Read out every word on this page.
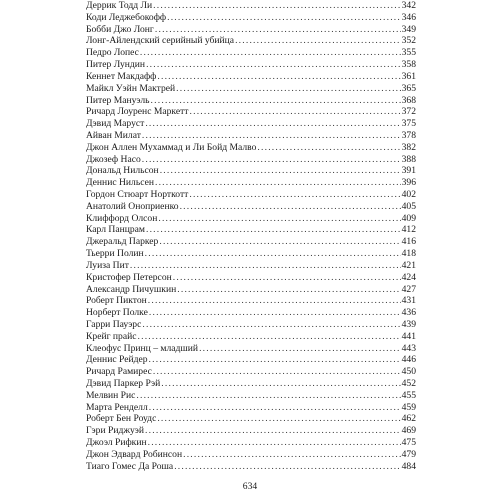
Деррик Тодд Ли .....	342
Коди Леджебокофф .....	346
Бобби Джо Лонг .....	349
Лонг-Айлендский серийный убийца .....	352
Педро Лопес .....	355
Питер Лундин .....	358
Кеннет Макдафф .....	361
Майкл Уэйн Мактрей .....	365
Питер Мануэль .....	368
Ричард Лоуренс Маркетт .....	372
Дэвид Маруст .....	375
Айван Милат .....	378
Джон Аллен Мухаммад и Ли Бойд Малво .....	382
Джозеф Насо .....	388
Дональд Нильсон .....	391
Деннис Нильсен .....	396
Гордон Стюарт Норткотт .....	402
Анатолий Оноприенко .....	405
Клиффорд Олсон .....	409
Карл Панцрам .....	412
Джеральд Паркер .....	416
Тьерри Полин .....	418
Луиза Пит .....	421
Кристофер Петерсон .....	424
Александр Пичушкин .....	427
Роберт Пиктон .....	431
Норберт Полке .....	436
Гарри Пауэрс .....	439
Крейг прайс .....	441
Клеофус Принц – младший .....	443
Деннис Рейдер .....	446
Ричард Рамирес .....	450
Дэвид Паркер Рэй .....	452
Мелвин Рис .....	455
Марта Ренделл .....	459
Роберт Бен Роудс .....	462
Гэри Риджуэй .....	469
Джоэл Рифкин .....	475
Джон Эдвард Робинсон .....	479
Тиаго Гомес Да Роша .....	484
634
